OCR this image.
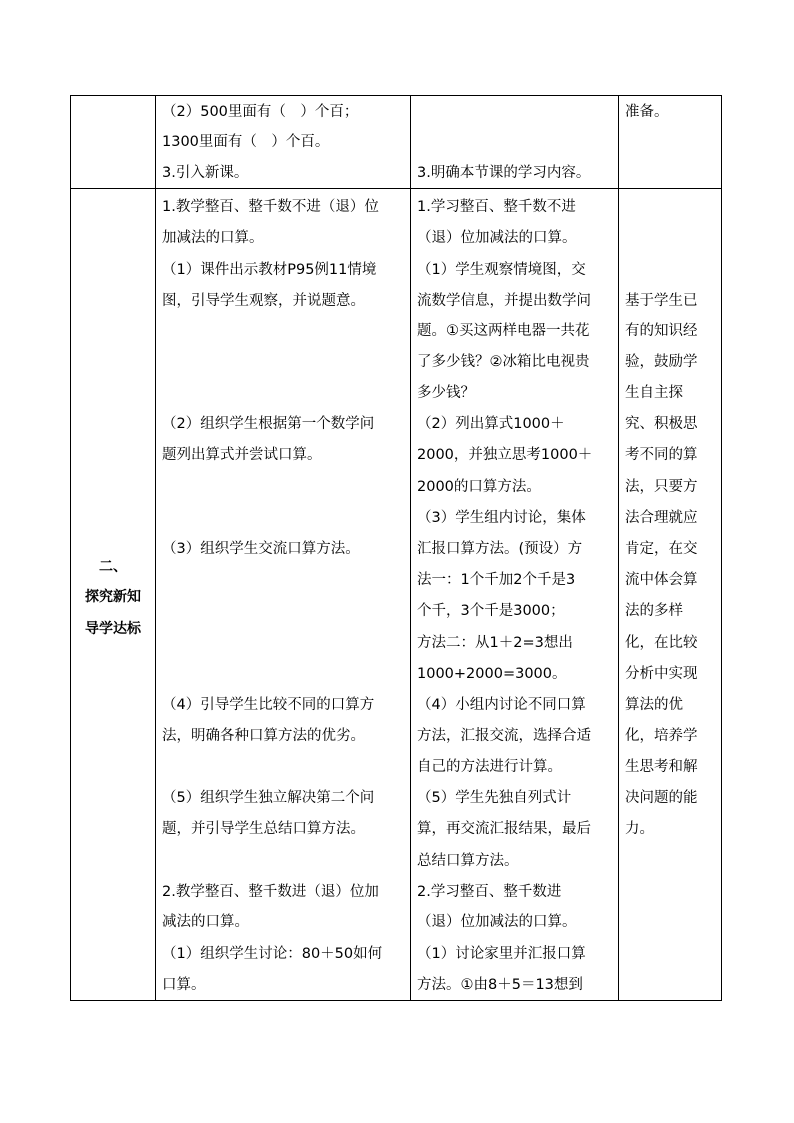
（2）500里面有（　）个百；
1300里面有（　）个百。
3.引入新课。	3.明确本节课的学习内容。
准备。
二、
探究新知
导学达标
1.教学整百、整千数不进（退）位
加减法的口算。
（1）课件出示教材P95例11情境
图，引导学生观察，并说题意。
（2）组织学生根据第一个数学问
题列出算式并尝试口算。
（3）组织学生交流口算方法。
（4）引导学生比较不同的口算方
法，明确各种口算方法的优劣。
（5）组织学生独立解决第二个问
题，并引导学生总结口算方法。
2.教学整百、整千数进（退）位加
减法的口算。
（1）组织学生讨论：80＋50如何
口算。
1.学习整百、整千数不进
（退）位加减法的口算。
（1）学生观察情境图，交
流数学信息，并提出数学问
题。①买这两样电器一共花
了多少钱？②冰箱比电视贵
多少钱？
（2）列出算式1000＋
2000，并独立思考1000＋
2000的口算方法。
（3）学生组内讨论，集体
汇报口算方法。(预设）方
法一：1个千加2个千是3
个千，3个千是3000；
方法二：从1＋2=3想出
1000+2000=3000。
（4）小组内讨论不同口算
方法，汇报交流，选择合适
自己的方法进行计算。
（5）学生先独自列式计
算，再交流汇报结果，最后
总结口算方法。
2.学习整百、整千数进
（退）位加减法的口算。
（1）讨论家里并汇报口算
方法。①由8＋5＝13想到
基于学生已
有的知识经
验，鼓励学
生自主探
究、积极思
考不同的算
法，只要方
法合理就应
肯定，在交
流中体会算
法的多样
化，在比较
分析中实现
算法的优
化，培养学
生思考和解
决问题的能
力。
